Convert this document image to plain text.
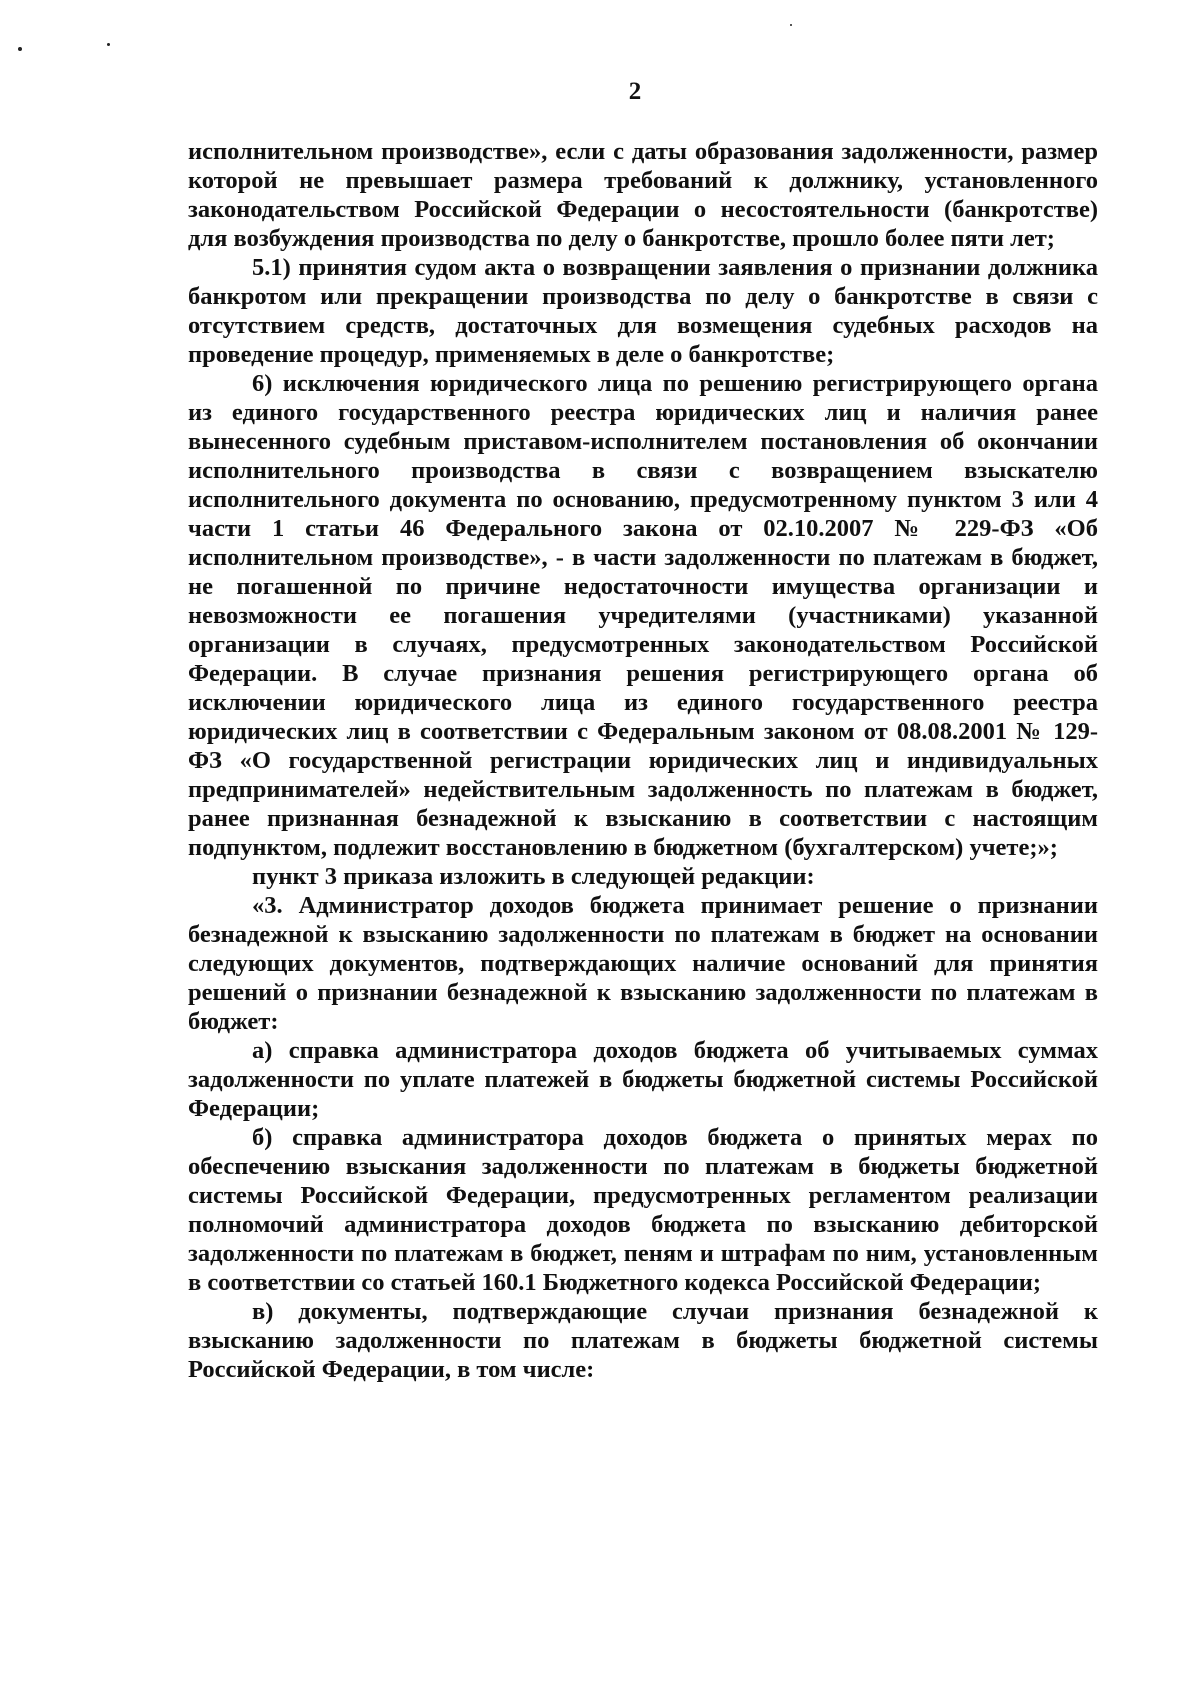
2

исполнительном производстве», если с даты образования задолженности, размер которой не превышает размера требований к должнику, установленного законодательством Российской Федерации о несостоятельности (банкротстве) для возбуждения производства по делу о банкротстве, прошло более пяти лет;

5.1) принятия судом акта о возвращении заявления о признании должника банкротом или прекращении производства по делу о банкротстве в связи с отсутствием средств, достаточных для возмещения судебных расходов на проведение процедур, применяемых в деле о банкротстве;

6) исключения юридического лица по решению регистрирующего органа из единого государственного реестра юридических лиц и наличия ранее вынесенного судебным приставом-исполнителем постановления об окончании исполнительного производства в связи с возвращением взыскателю исполнительного документа по основанию, предусмотренному пунктом 3 или 4 части 1 статьи 46 Федерального закона от 02.10.2007 № 229-ФЗ «Об исполнительном производстве», - в части задолженности по платежам в бюджет, не погашенной по причине недостаточности имущества организации и невозможности ее погашения учредителями (участниками) указанной организации в случаях, предусмотренных законодательством Российской Федерации. В случае признания решения регистрирующего органа об исключении юридического лица из единого государственного реестра юридических лиц в соответствии с Федеральным законом от 08.08.2001 № 129-ФЗ «О государственной регистрации юридических лиц и индивидуальных предпринимателей» недействительным задолженность по платежам в бюджет, ранее признанная безнадежной к взысканию в соответствии с настоящим подпунктом, подлежит восстановлению в бюджетном (бухгалтерском) учете;»;

пункт 3 приказа изложить в следующей редакции:

«3. Администратор доходов бюджета принимает решение о признании безнадежной к взысканию задолженности по платежам в бюджет на основании следующих документов, подтверждающих наличие оснований для принятия решений о признании безнадежной к взысканию задолженности по платежам в бюджет:

а) справка администратора доходов бюджета об учитываемых суммах задолженности по уплате платежей в бюджеты бюджетной системы Российской Федерации;

б) справка администратора доходов бюджета о принятых мерах по обеспечению взыскания задолженности по платежам в бюджеты бюджетной системы Российской Федерации, предусмотренных регламентом реализации полномочий администратора доходов бюджета по взысканию дебиторской задолженности по платежам в бюджет, пеням и штрафам по ним, установленным в соответствии со статьей 160.1 Бюджетного кодекса Российской Федерации;

в) документы, подтверждающие случаи признания безнадежной к взысканию задолженности по платежам в бюджеты бюджетной системы Российской Федерации, в том числе:
